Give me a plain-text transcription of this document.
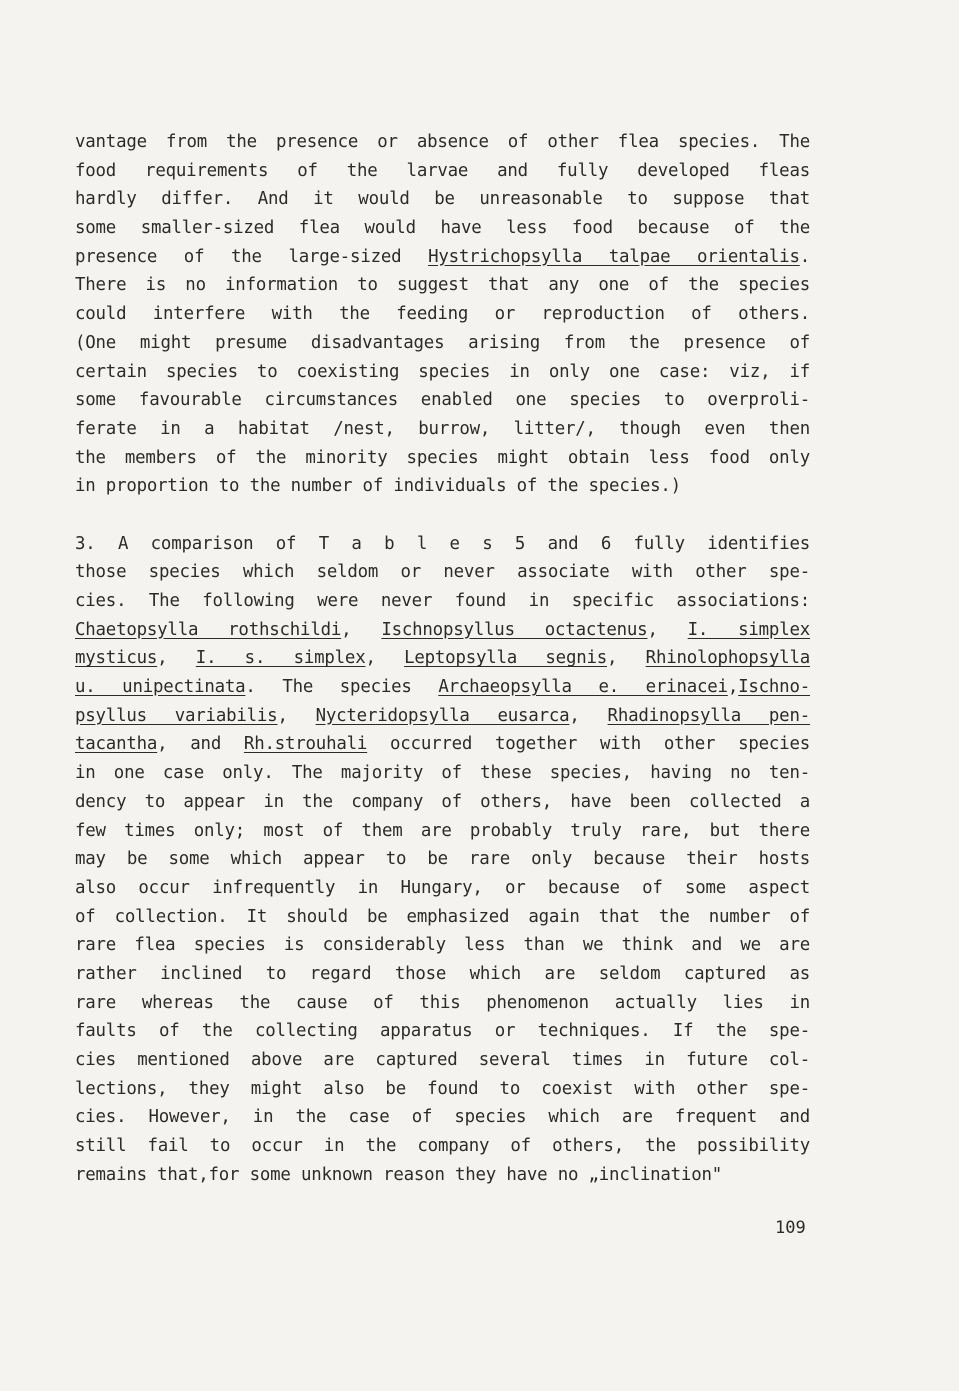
vantage from the presence or absence of other flea species. The
food requirements of the larvae and fully developed fleas
hardly differ. And it would be unreasonable to suppose that
some smaller-sized flea would have less food because of the
presence of the large-sized Hystrichopsylla talpae orientalis.
There is no information to suggest that any one of the species
could interfere with the feeding or reproduction of others.
(One might presume disadvantages arising from the presence of
certain species to coexisting species in only one case: viz, if
some favourable circumstances enabled one species to overproli-
ferate in a habitat /nest, burrow, litter/, though even then
the members of the minority species might obtain less food only
in proportion to the number of individuals of the species.)
3. A comparison of T a b l e s 5 and 6 fully identifies
those species which seldom or never associate with other spe-
cies. The following were never found in specific associations:
Chaetopsylla rothschildi, Ischnopsyllus octactenus, I. simplex
mysticus, I. s. simplex, Leptopsylla segnis, Rhinolophopsylla
u. unipectinata. The species Archaeopsylla e. erinacei,Ischno-
psyllus variabilis, Nycteridopsylla eusarca, Rhadinopsylla pen-
tacantha, and Rh.strouhali occurred together with other species
in one case only. The majority of these species, having no ten-
dency to appear in the company of others, have been collected a
few times only; most of them are probably truly rare, but there
may be some which appear to be rare only because their hosts
also occur infrequently in Hungary, or because of some aspect
of collection. It should be emphasized again that the number of
rare flea species is considerably less than we think and we are
rather inclined to regard those which are seldom captured as
rare whereas the cause of this phenomenon actually lies in
faults of the collecting apparatus or techniques. If the spe-
cies mentioned above are captured several times in future col-
lections, they might also be found to coexist with other spe-
cies. However, in the case of species which are frequent and
still fail to occur in the company of others, the possibility
remains that,for some unknown reason they have no „inclination"
109
